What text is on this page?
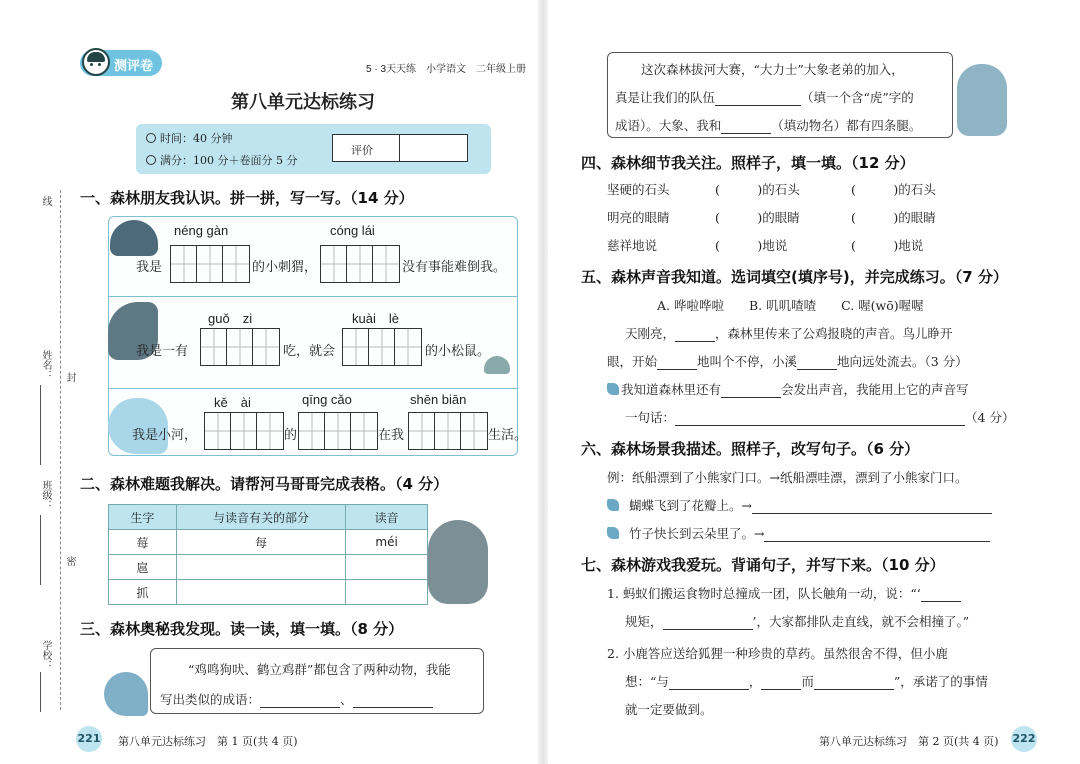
测评卷	5 · 3天天练　小学语文　二年级上册
第八单元达标练习
时间：40 分钟
满分：100 分＋卷面分 5 分
评价
线
姓名： 封
班级：
密
学校：
一、森林朋友我认识。拼一拼，写一写。（14 分）
néng gàn	cóng lái
我是	的小刺猬，	没有事能难倒我。
guǒ　zi	kuài　lè
我是一有	吃，就会	的小松鼠。
kě　ài	qīng cǎo	shēn biān
我是小河，	的	在我	生活。
二、森林难题我解决。请帮河马哥哥完成表格。（4 分）
生字	与读音有关的部分	读音
莓	每	méi
扈		
抓		
三、森林奥秘我发现。读一读，填一填。（8 分）
“鸡鸣狗吠、鹤立鸡群”都包含了两种动物，我能
写出类似的成语：	、
221 第八单元达标练习　第 1 页(共 4 页)
这次森林拔河大赛，“大力士”大象老弟的加入，
真是让我们的队伍	（填一个含“虎”字的
成语）。大象、我和	（填动物名）都有四条腿。
四、森林细节我关注。照样子，填一填。（12 分）
坚硬的石头	(　　　)的石头	(　　　)的石头
明亮的眼睛	(　　　)的眼睛	(　　　)的眼睛
慈祥地说	(　　　)地说	(　　　)地说
五、森林声音我知道。选词填空(填序号)，并完成练习。（7 分）
A. 哗啦哗啦　　B. 叽叽喳喳　　C. 喔(wō)喔喔
天刚亮，	，森林里传来了公鸡报晓的声音。鸟儿睁开
眼，开始	地叫个不停，小溪	地向远处流去。（3 分）
我知道森林里还有	会发出声音，我能用上它的声音写
一句话：	（4 分）
六、森林场景我描述。照样子，改写句子。（6 分）
例：纸船漂到了小熊家门口。→纸船漂哇漂，漂到了小熊家门口。
蝴蝶飞到了花瓣上。→
竹子快长到云朵里了。→
七、森林游戏我爱玩。背诵句子，并写下来。（10 分）
1. 蚂蚁们搬运食物时总撞成一团，队长触角一动，说：“‘
规矩，	’，大家都排队走直线，就不会相撞了。”
2. 小鹿答应送给狐狸一种珍贵的草药。虽然很舍不得，但小鹿
想：“与	，	而	”，承诺了的事情
就一定要做到。
第八单元达标练习　第 2 页(共 4 页) 222
